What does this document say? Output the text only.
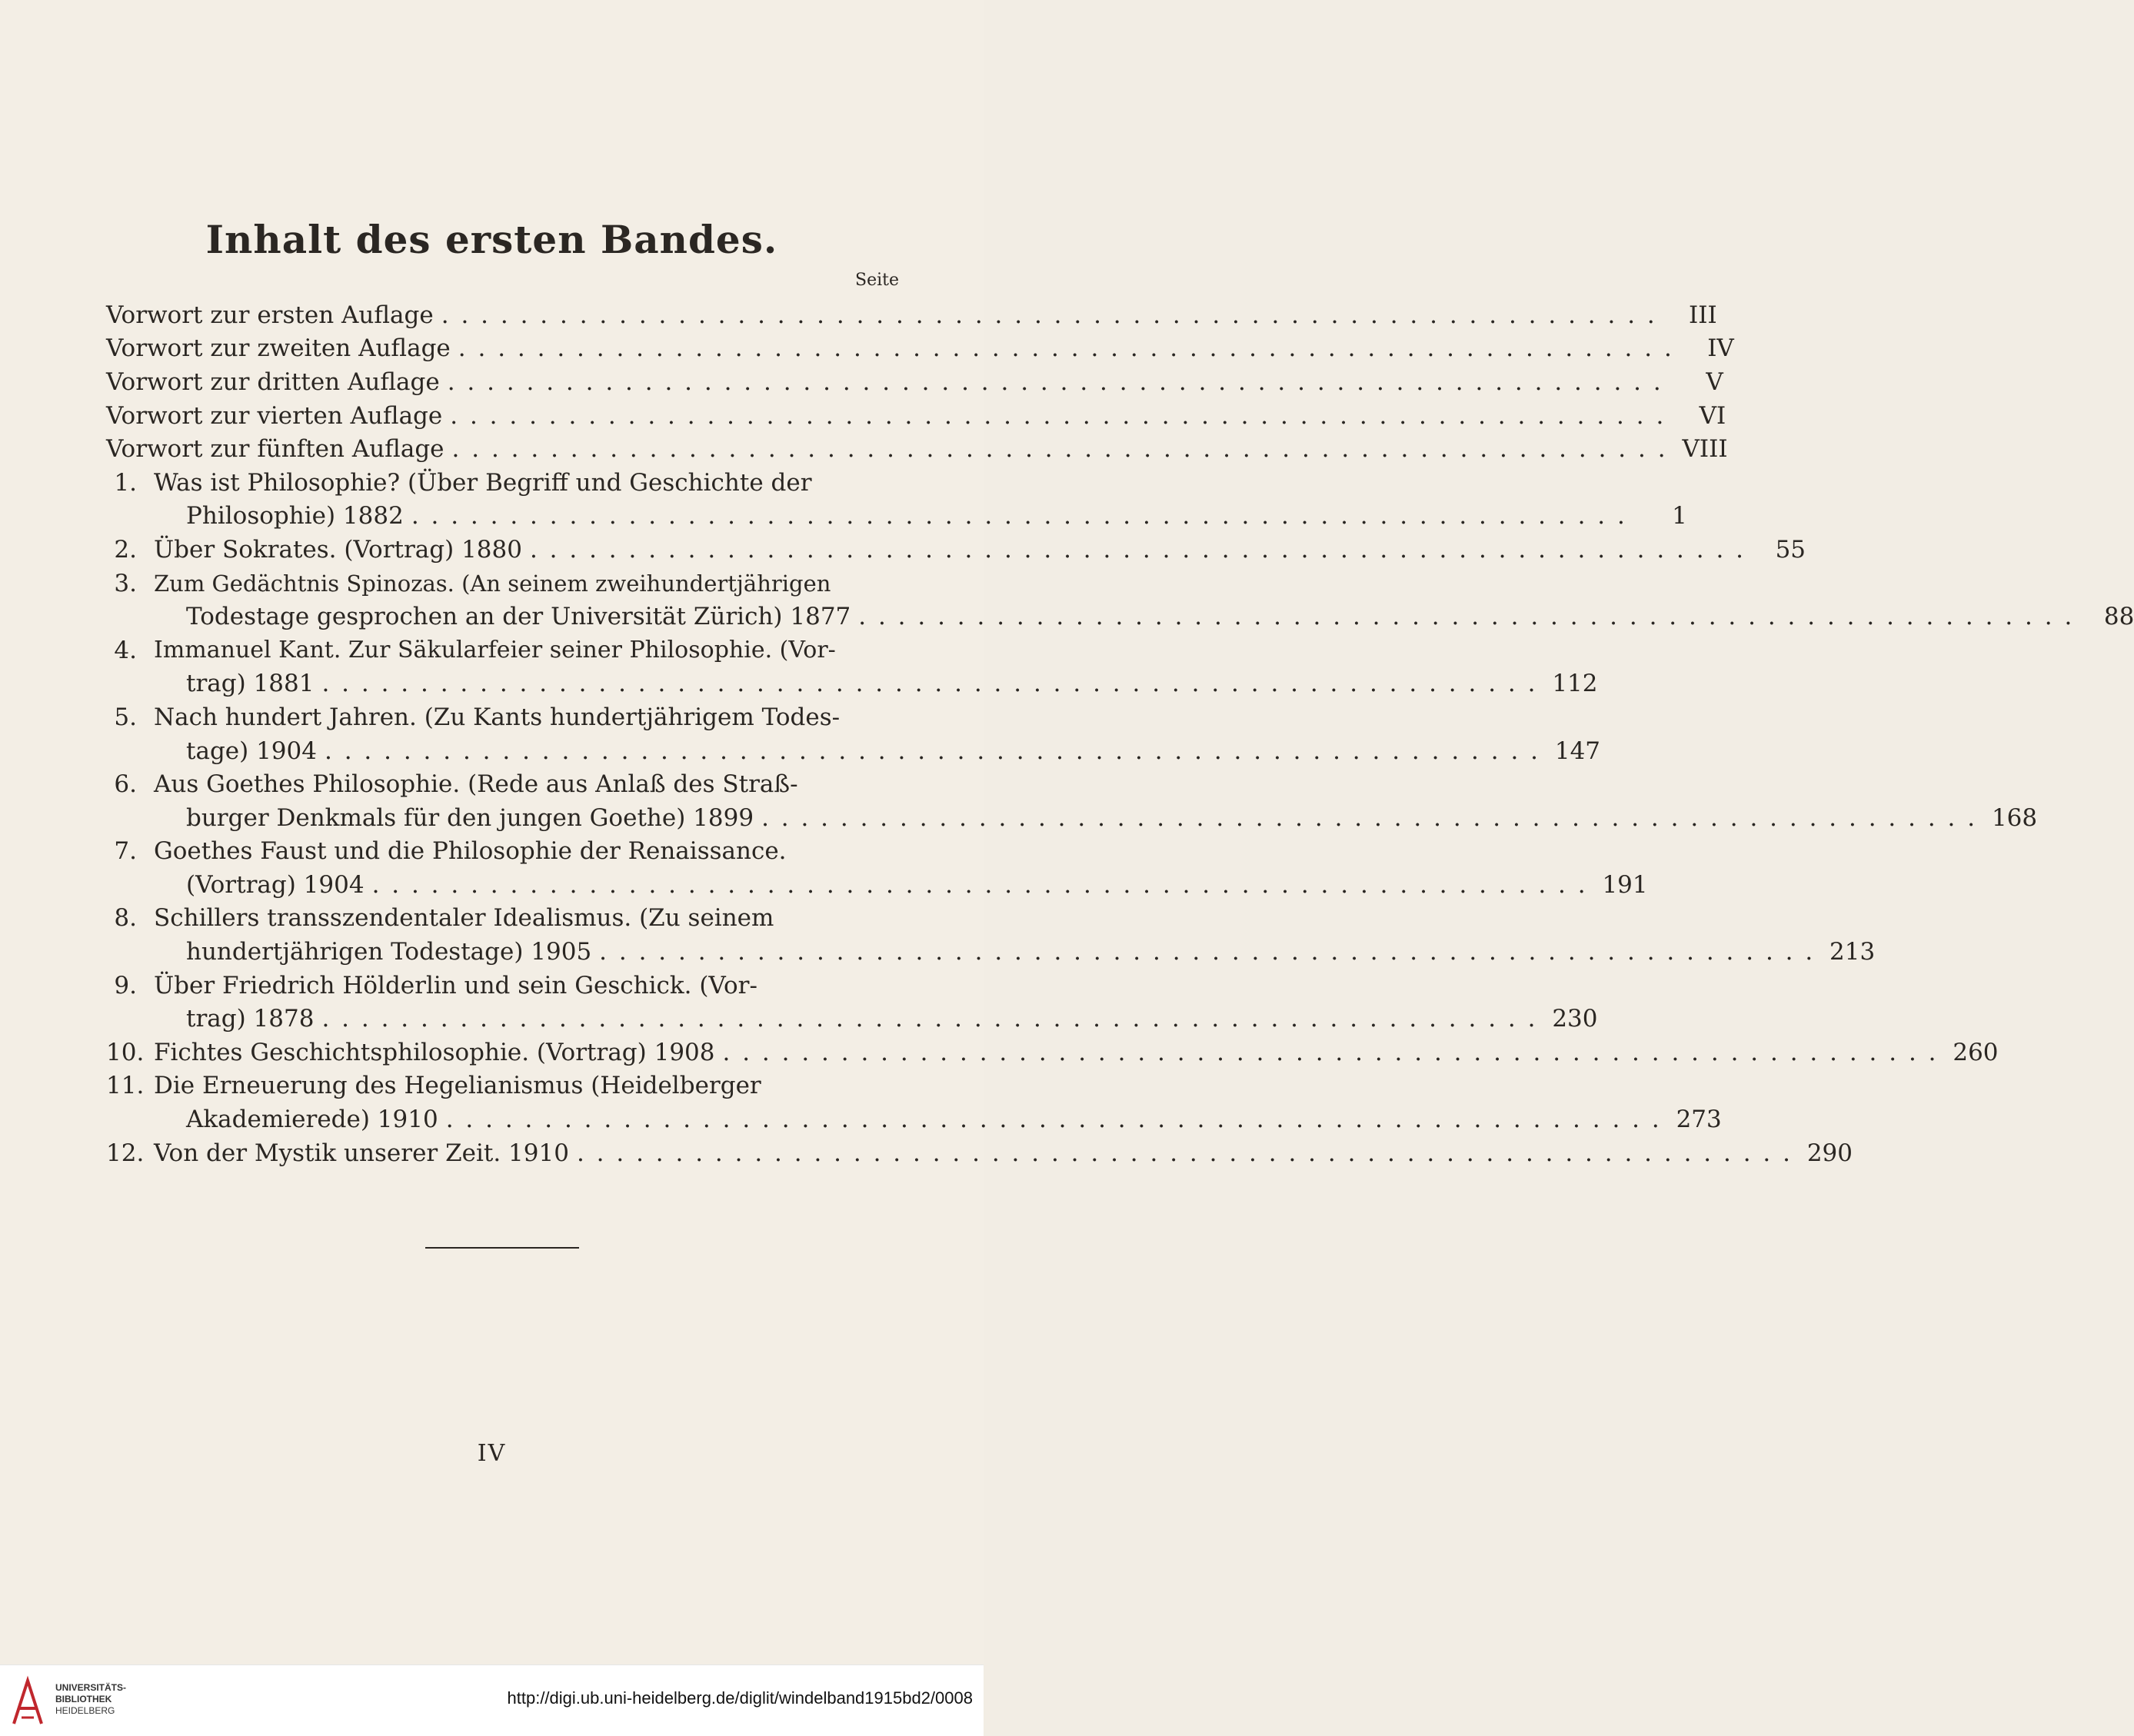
Inhalt des ersten Bandes.
Seite
Vorwort zur ersten Auflage . . .	III
Vorwort zur zweiten Auflage . . .	IV
Vorwort zur dritten Auflage . . .	V
Vorwort zur vierten Auflage . . .	VI
Vorwort zur fünften Auflage . . .	VIII
1. Was ist Philosophie? (Über Begriff und Geschichte der
Philosophie) 1882 . . .	1
2. Über Sokrates. (Vortrag) 1880 . . .	55
3. Zum Gedächtnis Spinozas. (An seinem zweihundertjährigen
Todestage gesprochen an der Universität Zürich) 1877 . . .	88
4. Immanuel Kant. Zur Säkularfeier seiner Philosophie. (Vor-
trag) 1881 . . .	112
5. Nach hundert Jahren. (Zu Kants hundertjährigem Todes-
tage) 1904 . . .	147
6. Aus Goethes Philosophie. (Rede aus Anlaß des Straß-
burger Denkmals für den jungen Goethe) 1899 . . .	168
7. Goethes Faust und die Philosophie der Renaissance.
(Vortrag) 1904 . . .	191
8. Schillers transszendentaler Idealismus. (Zu seinem
hundertjährigen Todestage) 1905 . . .	213
9. Über Friedrich Hölderlin und sein Geschick. (Vor-
trag) 1878 . . .	230
10. Fichtes Geschichtsphilosophie. (Vortrag) 1908 . . .	260
11. Die Erneuerung des Hegelianismus (Heidelberger
Akademierede) 1910 . . .	273
12. Von der Mystik unserer Zeit. 1910 . . .	290
IV
UNIVERSITÄTS-
BIBLIOTHEK
HEIDELBERG
http://digi.ub.uni-heidelberg.de/diglit/windelband1915bd2/0008
